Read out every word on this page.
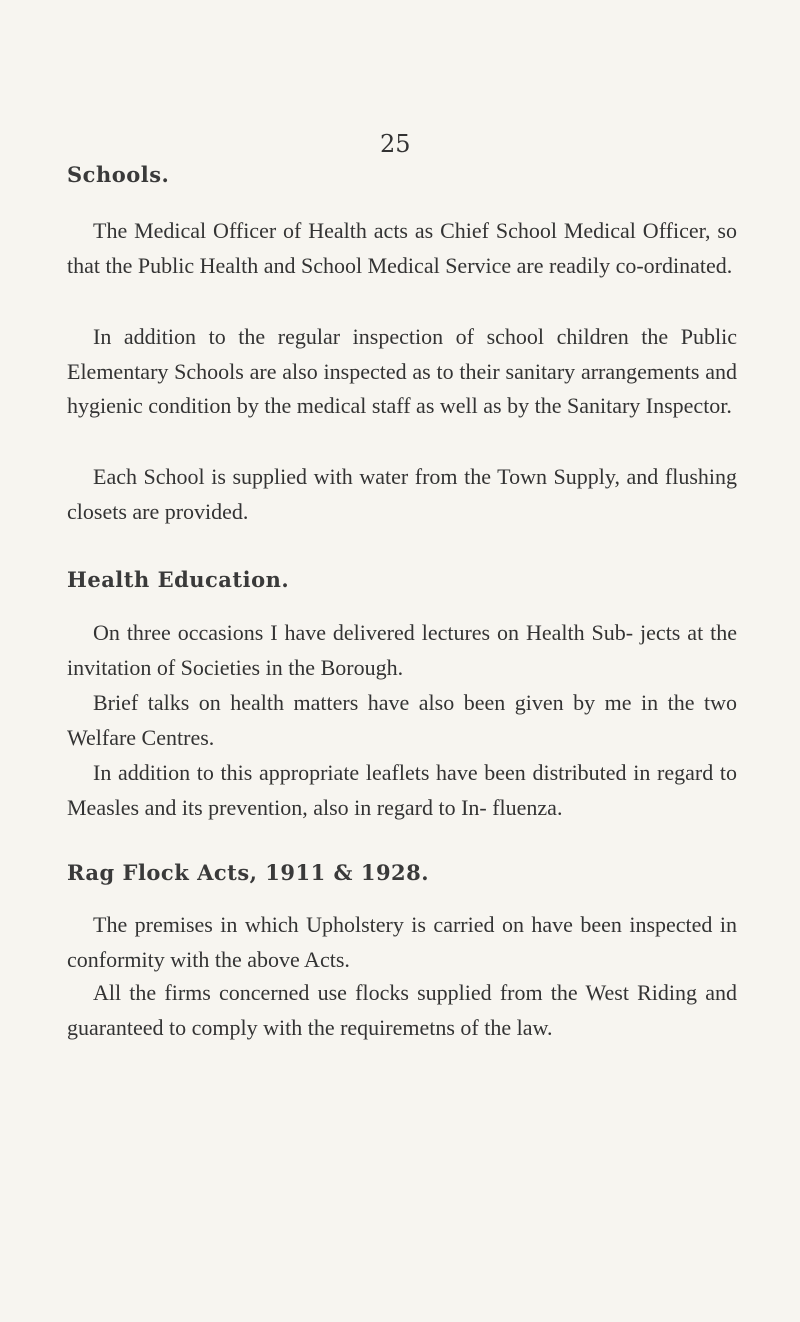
25
Schools.
The Medical Officer of Health acts as Chief School Medical Officer, so that the Public Health and School Medical Service are readily co-ordinated.
In addition to the regular inspection of school children the Public Elementary Schools are also inspected as to their sanitary arrangements and hygienic condition by the medical staff as well as by the Sanitary Inspector.
Each School is supplied with water from the Town Supply, and flushing closets are provided.
Health Education.
On three occasions I have delivered lectures on Health Sub- jects at the invitation of Societies in the Borough.
Brief talks on health matters have also been given by me in the two Welfare Centres.
In addition to this appropriate leaflets have been distributed in regard to Measles and its prevention, also in regard to In- fluenza.
Rag Flock Acts, 1911 & 1928.
The premises in which Upholstery is carried on have been inspected in conformity with the above Acts.
All the firms concerned use flocks supplied from the West Riding and guaranteed to comply with the requiremetns of the law.
